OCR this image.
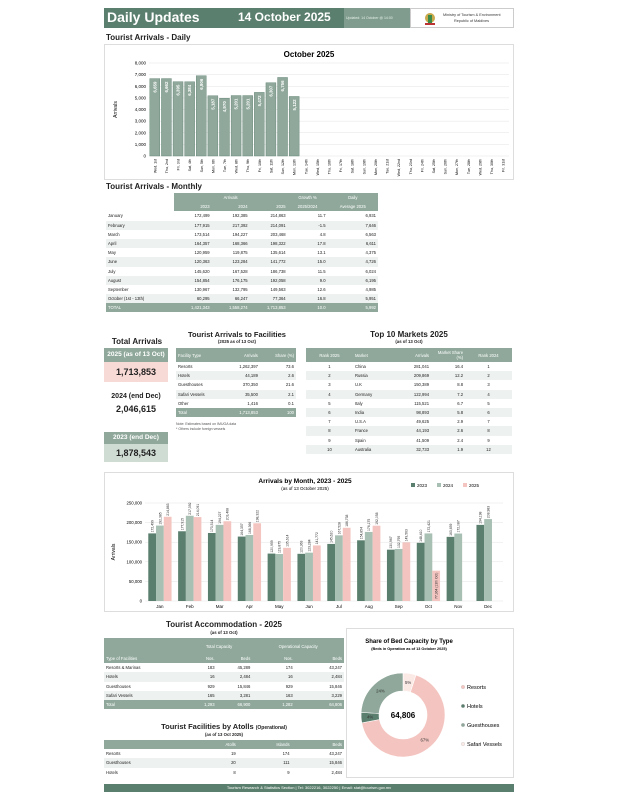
Daily Updates	14 October 2025	Updated: 14 October @ 14:00
Ministry of Tourism & Environment
Republic of Maldives
Tourist Arrivals - Daily
October 2025
Arrivals
0
1,000
2,000
3,000
4,000
5,000
6,000
7,000
8,000
Wed, 1st
6,659
Thu, 2nd
6,662
Fri, 3rd
6,395
Sat, 4th
6,384
Sun, 5th
6,906
Mon, 6th
5,187
Tue, 7th
4,970
Wed, 8th
5,201
Thu, 9th
5,201
Fri, 10th
5,472
Sat, 11th
6,307
Sun, 12th
6,756
Mon, 13th
5,122
Tue, 14th Wed, 15th Thu, 16th Fri, 17th Sat, 18th Sun, 19th Mon, 20th Tue, 21st Wed, 22nd Thu, 23rd Fri, 24th Sat, 25th Sun, 26th Mon, 27th Tue, 28th Wed, 29th Thu, 30th Fri, 31st
Tourist Arrivals - Monthly
	Arrivals			Growth %	Daily
	2023	2024	2025	2025/2024	Average 2025
January	172,499	192,385	214,863	11.7	6,931
February	177,915	217,392	214,091	-1.5	7,646
March	173,514	194,227	203,468	4.8	6,563
April	164,357	168,366	198,322	17.8	6,611
May	120,959	119,875	135,614	13.1	4,375
June	120,363	123,284	141,772	15.0	4,726
July	145,620	167,528	186,738	11.5	6,024
August	154,854	176,175	192,058	9.0	6,195
September	130,967	132,795	149,563	12.6	4,985
October (1st - 13th)	60,295	66,247	77,364	16.8	5,951
TOTAL	1,421,343	1,558,274	1,713,853	10.0	5,992
Total Arrivals
2025 (as of 13 Oct)
1,713,853
2024 (end Dec)
2,046,615
2023 (end Dec)
1,878,543
Tourist Arrivals to Facilities
(2025 as of 13 Oct)
Facility Type	Arrivals	Share (%)
Resorts	1,262,397	73.6
Hotels	44,189	2.6
Guesthouses	370,350	21.6
Safari Vessels	35,500	2.1
Other	1,416	0.1
Total	1,713,853	100
Note: Estimates based on IMUGA data
* Others include foreign vessels
Top 10 Markets 2025
(as of 13 Oct)
Rank 2025	Market	Arrivals	Market Share (%)	Rank 2024
1	China	281,041	16.4	1
2	Russia	209,869	12.2	2
3	U.K	150,389	8.8	3
4	Germany	122,994	7.2	4
5	Italy	115,521	6.7	5
6	India	98,893	5.8	6
7	U.S.A	49,625	2.9	7
8	France	44,193	2.6	8
9	Spain	41,509	2.4	9
10	Australia	32,733	1.9	12
Arrivals by Month, 2023 - 2025
(as of 13 October 2025)
Arrivals
0
50,000
100,000
150,000
200,000
250,000
2023	2024	2025
Jan
172,499
192,385
214,863
Feb
177,915
217,392 214,091
Mar
173,514
194,227 203,468
Apr
164,357 168,366
198,322
May
120,959 119,875
135,614
Jun
120,363 123,284
141,772
Jul
145,620
167,528
186,738
Aug
154,854
176,175
192,058
Sep
130,967 132,795
149,563
Oct
148,410
172,421
77,364 (13th Oct)
Nov
163,659 172,087
Dec
194,198 208,983
Tourist Accommodation - 2025
(as of 13 Oct)
	Total Capacity		Operational Capacity	
Type of Facilities	Nos.	Beds	Nos.	Beds
Resorts & Marinas	183	45,289	174	43,247
Hotels	16	2,484	16	2,484
Guesthouses	929	15,846	929	15,846
Safari Vessels	165	3,281	163	3,229
Total	1,293	66,900	1,282	64,806
Tourist Facilities by Atolls (Operational)
(as of 13 Oct 2025)
	Atolls	Islands	Beds
Resorts	19	174	43,247
Guesthouses	20	111	15,846
Hotels	8	9	2,484
Share of Bed Capacity by Type
(Beds in Operation as of 13 October 2025)
5%
67%
4%
24%
64,806
Resorts
Hotels
Guesthouses
Safari Vessels
Tourism Research & Statistics Section | Tel: 3022216, 3022250 | Email: stat@tourism.gov.mv
